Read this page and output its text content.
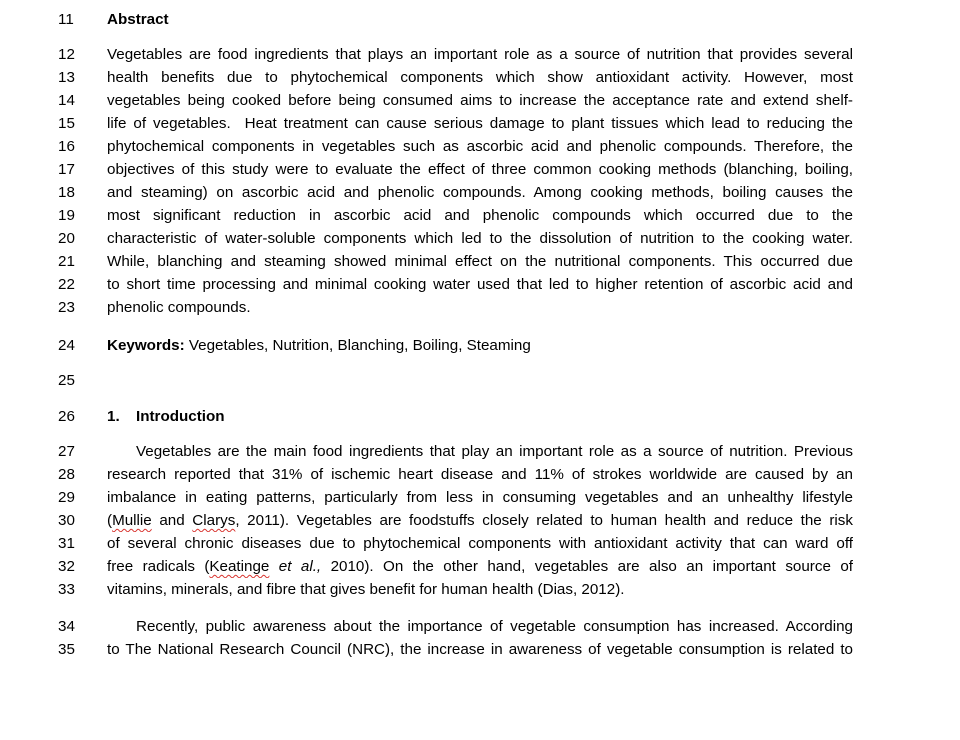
11	Abstract
12	Vegetables are food ingredients that plays an important role as a source of nutrition that provides several
13	health benefits due to phytochemical components which show antioxidant activity. However, most
14	vegetables being cooked before being consumed aims to increase the acceptance rate and extend shelf-
15	life of vegetables.  Heat treatment can cause serious damage to plant tissues which lead to reducing the
16	phytochemical components in vegetables such as ascorbic acid and phenolic compounds. Therefore, the
17	objectives of this study were to evaluate the effect of three common cooking methods (blanching, boiling,
18	and steaming) on ascorbic acid and phenolic compounds. Among cooking methods, boiling causes the
19	most significant reduction in ascorbic acid and phenolic compounds which occurred due to the
20	characteristic of water-soluble components which led to the dissolution of nutrition to the cooking water.
21	While, blanching and steaming showed minimal effect on the nutritional components. This occurred due
22	to short time processing and minimal cooking water used that led to higher retention of ascorbic acid and
23	phenolic compounds.
24	Keywords: Vegetables, Nutrition, Blanching, Boiling, Steaming
25
26	1. Introduction
27	Vegetables are the main food ingredients that play an important role as a source of nutrition. Previous
28	research reported that 31% of ischemic heart disease and 11% of strokes worldwide are caused by an
29	imbalance in eating patterns, particularly from less in consuming vegetables and an unhealthy lifestyle
30	(Mullie and Clarys, 2011). Vegetables are foodstuffs closely related to human health and reduce the risk
31	of several chronic diseases due to phytochemical components with antioxidant activity that can ward off
32	free radicals (Keatinge et al., 2010). On the other hand, vegetables are also an important source of
33	vitamins, minerals, and fibre that gives benefit for human health (Dias, 2012).
34	Recently, public awareness about the importance of vegetable consumption has increased. According
35	to The National Research Council (NRC), the increase in awareness of vegetable consumption is related to
